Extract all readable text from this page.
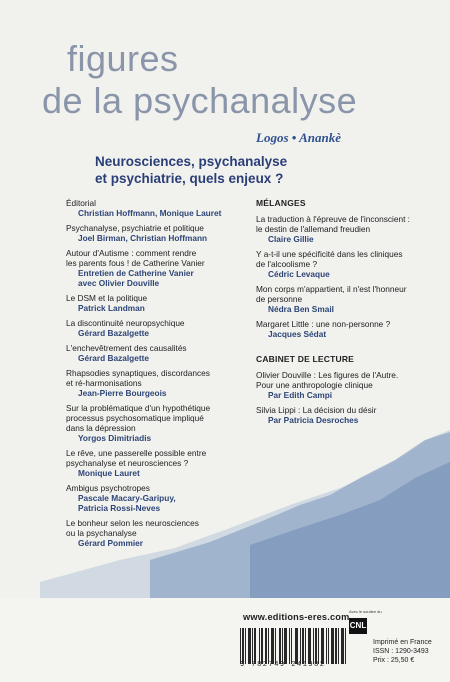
figures
de la psychanalyse
Logos • Anankè
Neurosciences, psychanalyse
et psychiatrie, quels enjeux ?
Éditorial
Christian Hoffmann, Monique Lauret
Psychanalyse, psychiatrie et politique
Joel Birman, Christian Hoffmann
Autour d'Autisme : comment rendre
les parents fous ! de Catherine Vanier
Entretien de Catherine Vanier
avec Olivier Douville
Le DSM et la politique
Patrick Landman
La discontinuité neuropsychique
Gérard Bazalgette
L'enchevêtrement des causalités
Gérard Bazalgette
Rhapsodies synaptiques, discordances
et ré-harmonisations
Jean-Pierre Bourgeois
Sur la problématique d'un hypothétique
processus psychosomatique impliqué
dans la dépression
Yorgos Dimitriadis
Le rêve, une passerelle possible entre
psychanalyse et neurosciences ?
Monique Lauret
Ambigus psychotropes
Pascale Macary-Garipuy,
Patricia Rossi-Neves
Le bonheur selon les neurosciences
ou la psychanalyse
Gérard Pommier
MÉLANGES
La traduction à l'épreuve de l'inconscient :
le destin de l'allemand freudien
Claire Gillie
Y a-t-il une spécificité dans les cliniques
de l'alcoolisme ?
Cédric Levaque
Mon corps m'appartient, il n'est l'honneur
de personne
Nédra Ben Smail
Margaret Little : une non-personne ?
Jacques Sédat
CABINET DE LECTURE
Olivier Douville : Les figures de l'Autre.
Pour une anthropologie clinique
Par Edith Campi
Silvia Lippi : La décision du désir
Par Patricia Desroches
www.editions-eres.com
Avec le soutien du
CNL
Imprimé en France
ISSN : 1290-3493
Prix : 25,50 €
9 782749 241982
